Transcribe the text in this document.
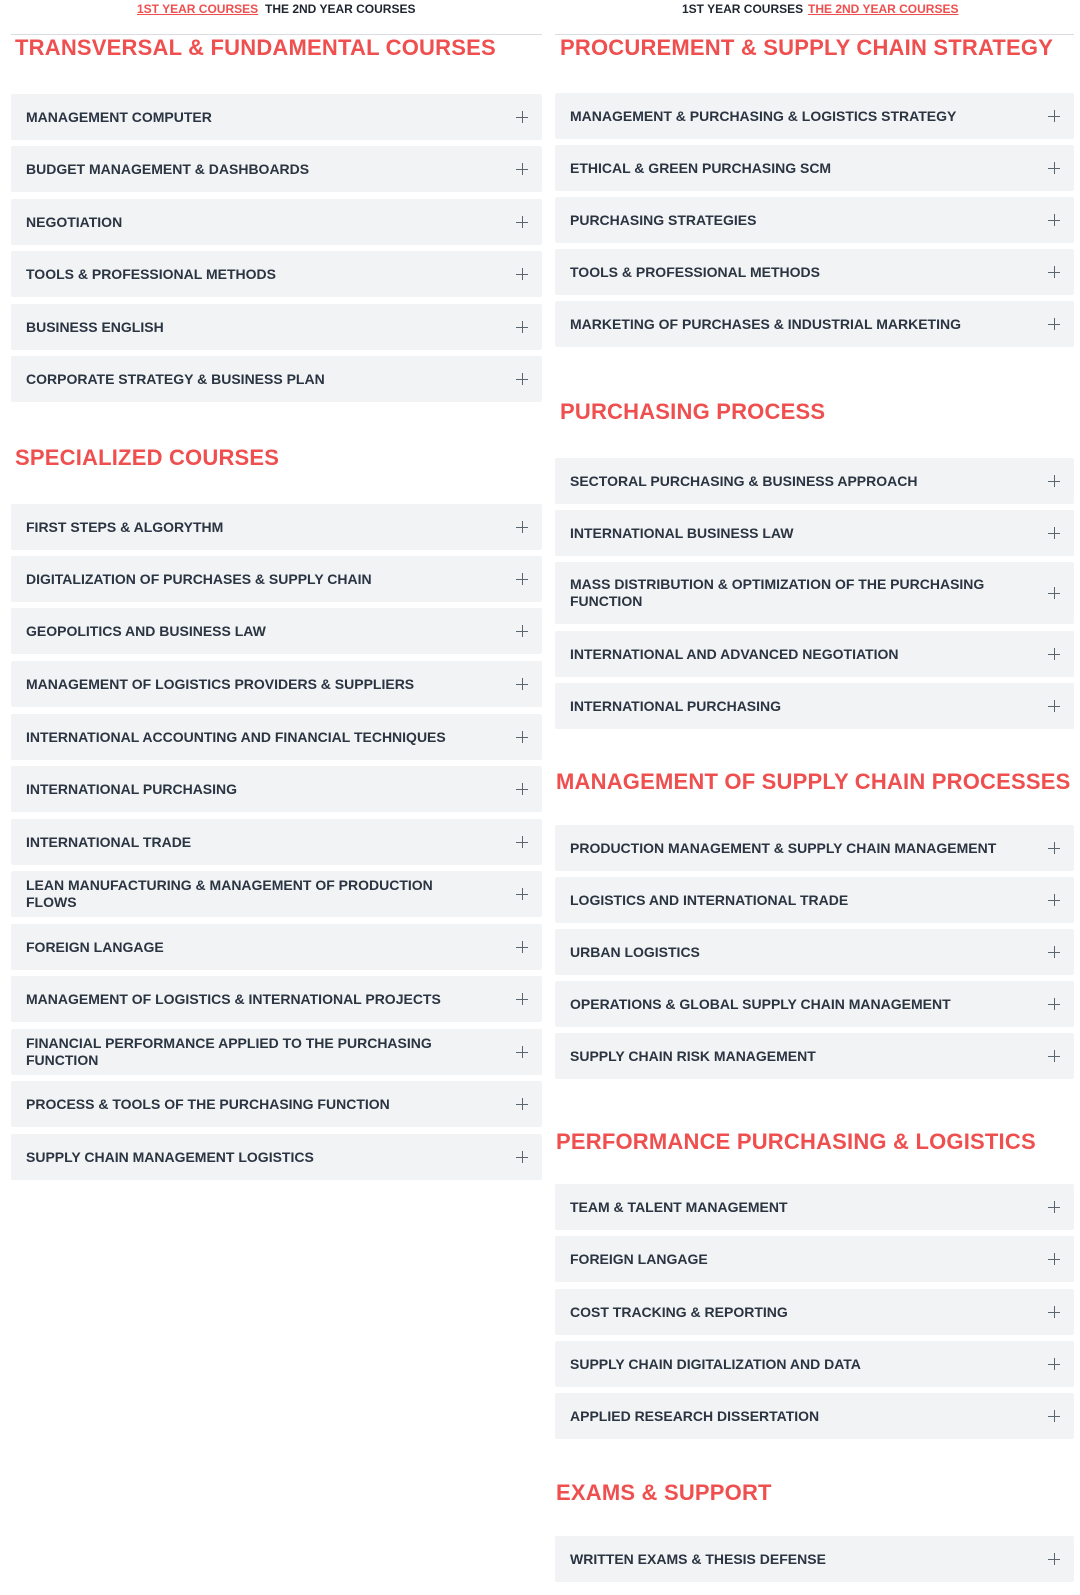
1ST YEAR COURSES THE 2ND YEAR COURSES
TRANSVERSAL & FUNDAMENTAL COURSES
MANAGEMENT COMPUTER
BUDGET MANAGEMENT & DASHBOARDS
NEGOTIATION
TOOLS & PROFESSIONAL METHODS
BUSINESS ENGLISH
CORPORATE STRATEGY & BUSINESS PLAN
SPECIALIZED COURSES
FIRST STEPS & ALGORYTHM
DIGITALIZATION OF PURCHASES & SUPPLY CHAIN
GEOPOLITICS AND BUSINESS LAW
MANAGEMENT OF LOGISTICS PROVIDERS & SUPPLIERS
INTERNATIONAL ACCOUNTING AND FINANCIAL TECHNIQUES
INTERNATIONAL PURCHASING
INTERNATIONAL TRADE
LEAN MANUFACTURING & MANAGEMENT OF PRODUCTION FLOWS
FOREIGN LANGAGE
MANAGEMENT OF LOGISTICS & INTERNATIONAL PROJECTS
FINANCIAL PERFORMANCE APPLIED TO THE PURCHASING FUNCTION
PROCESS & TOOLS OF THE PURCHASING FUNCTION
SUPPLY CHAIN MANAGEMENT LOGISTICS
1ST YEAR COURSES THE 2ND YEAR COURSES
PROCUREMENT & SUPPLY CHAIN STRATEGY
MANAGEMENT & PURCHASING & LOGISTICS STRATEGY
ETHICAL & GREEN PURCHASING SCM
PURCHASING STRATEGIES
TOOLS & PROFESSIONAL METHODS
MARKETING OF PURCHASES & INDUSTRIAL MARKETING
PURCHASING PROCESS
SECTORAL PURCHASING & BUSINESS APPROACH
INTERNATIONAL BUSINESS LAW
MASS DISTRIBUTION & OPTIMIZATION OF THE PURCHASING FUNCTION
INTERNATIONAL AND ADVANCED NEGOTIATION
INTERNATIONAL PURCHASING
MANAGEMENT OF SUPPLY CHAIN PROCESSES
PRODUCTION MANAGEMENT & SUPPLY CHAIN MANAGEMENT
LOGISTICS AND INTERNATIONAL TRADE
URBAN LOGISTICS
OPERATIONS & GLOBAL SUPPLY CHAIN MANAGEMENT
SUPPLY CHAIN RISK MANAGEMENT
PERFORMANCE PURCHASING & LOGISTICS
TEAM & TALENT MANAGEMENT
FOREIGN LANGAGE
COST TRACKING & REPORTING
SUPPLY CHAIN DIGITALIZATION AND DATA
APPLIED RESEARCH DISSERTATION
EXAMS & SUPPORT
WRITTEN EXAMS & THESIS DEFENSE
